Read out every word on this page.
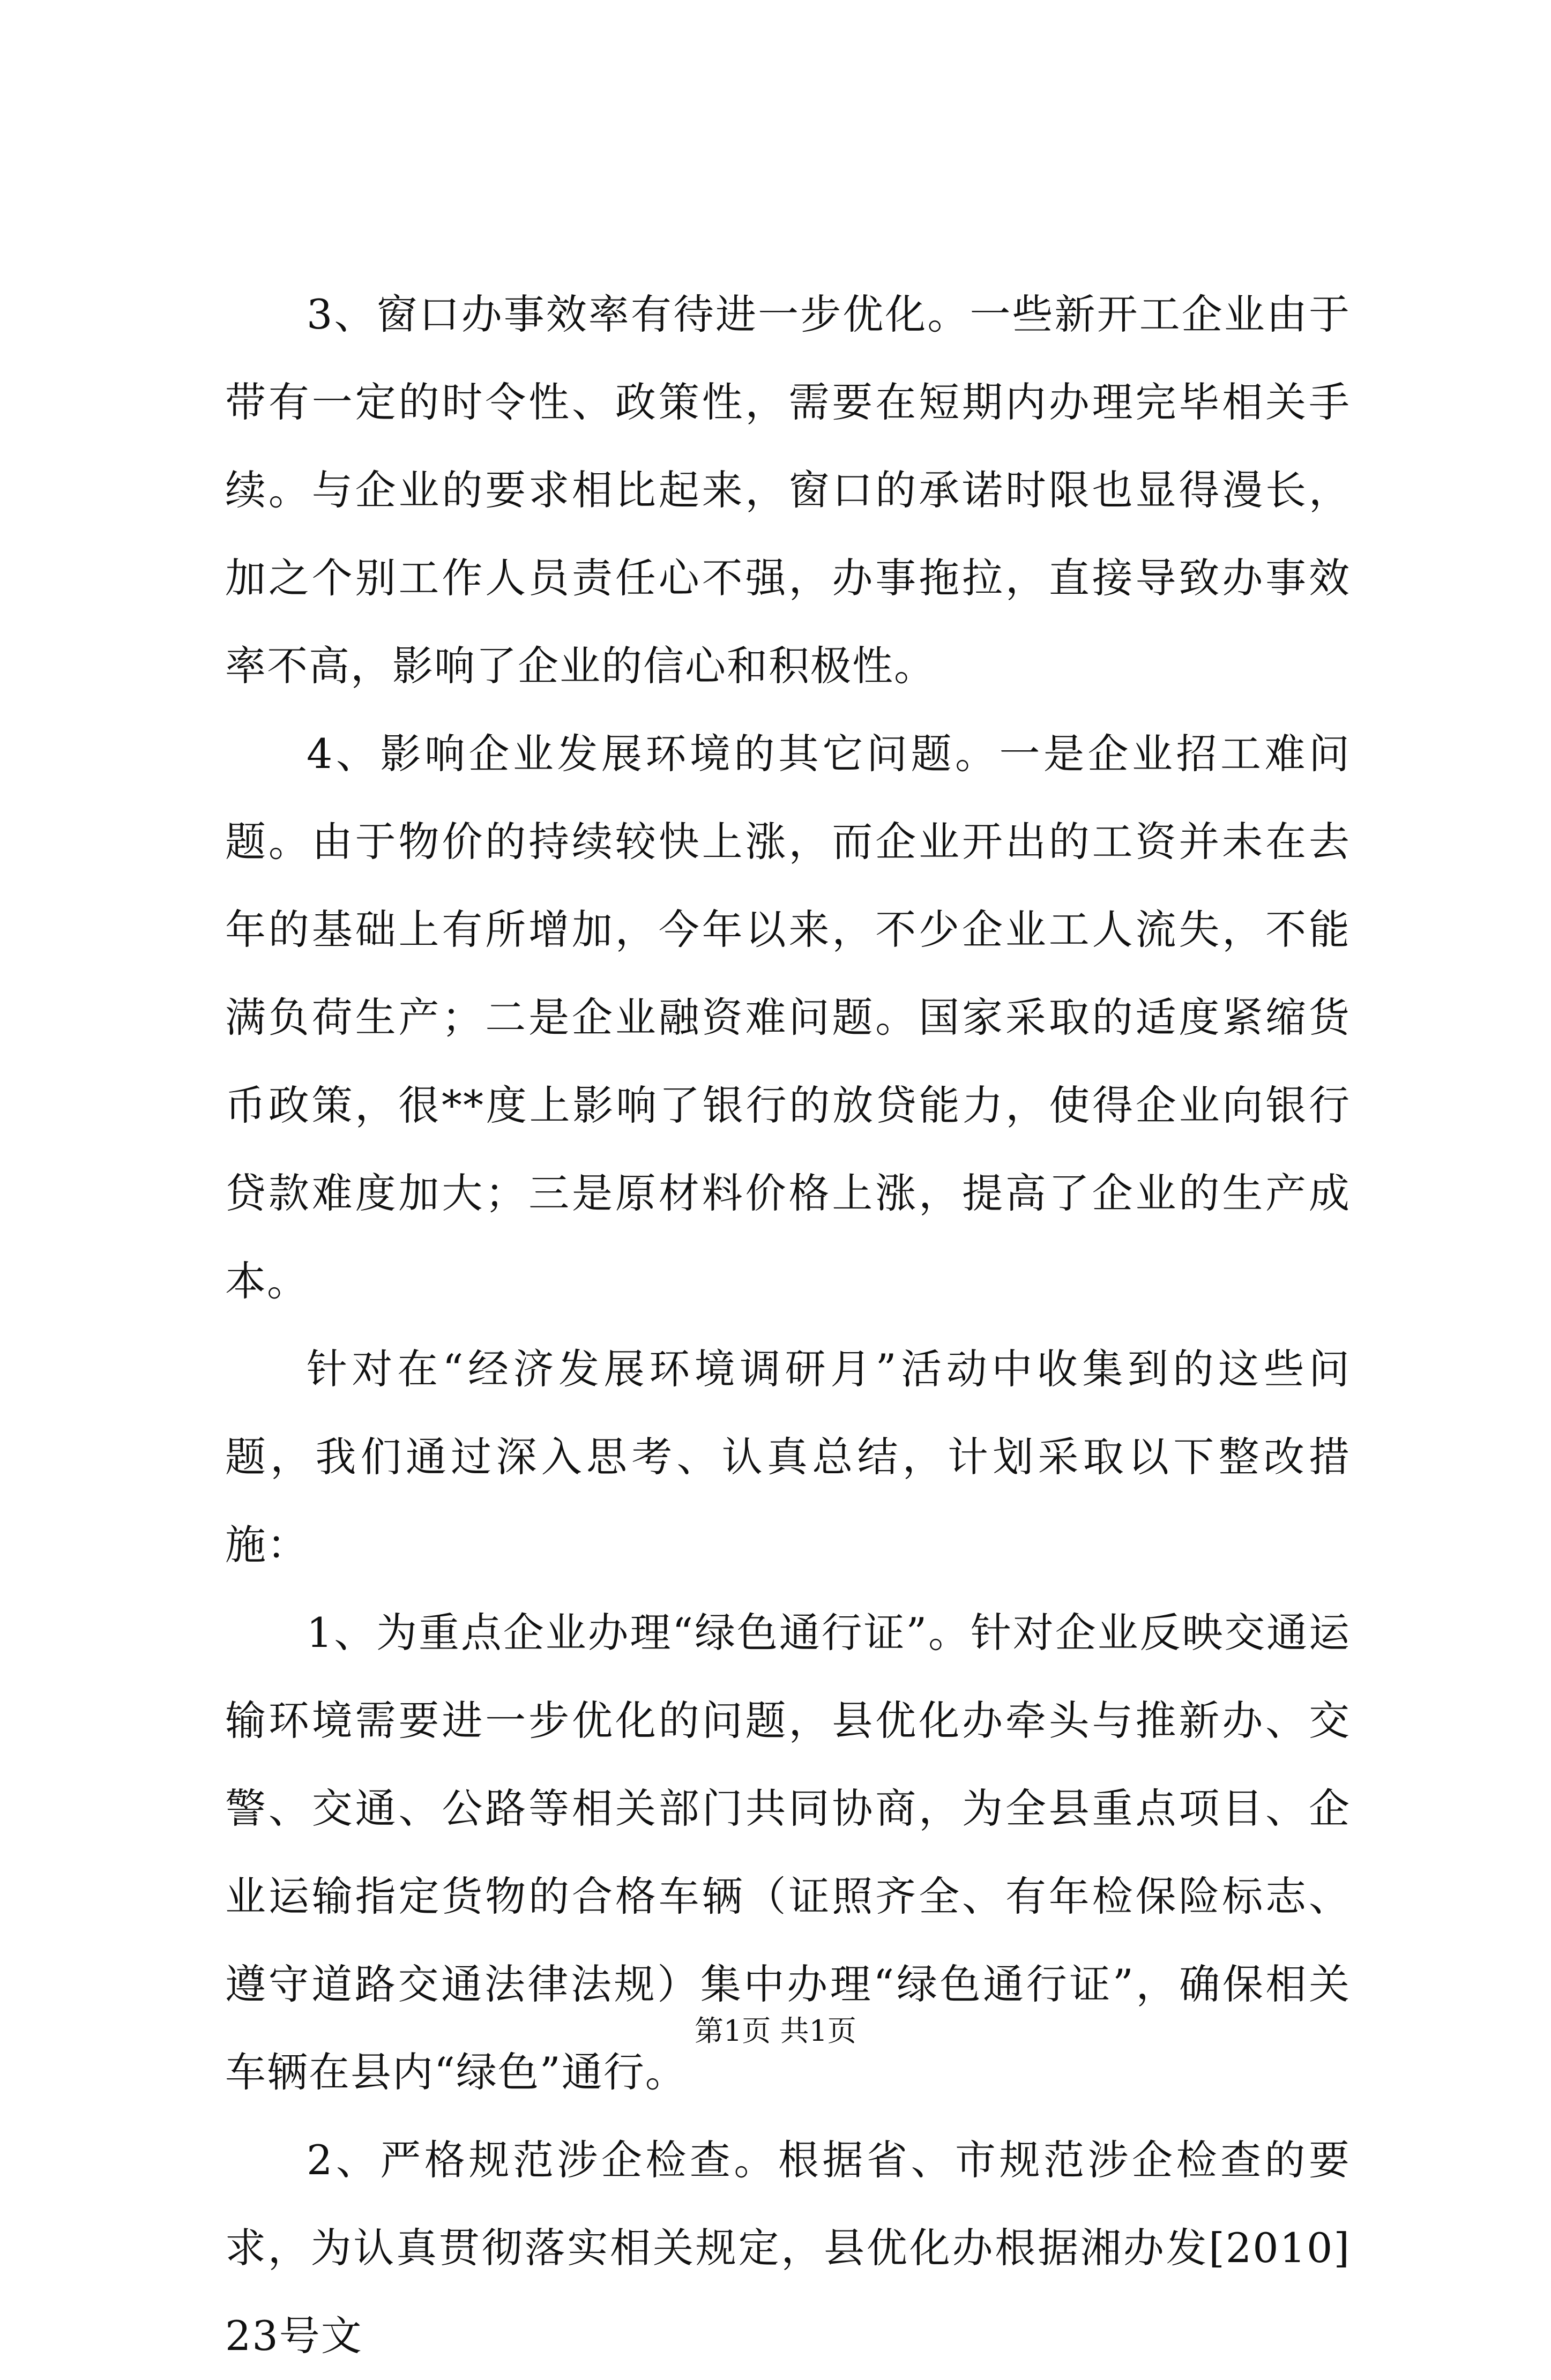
3、窗口办事效率有待进一步优化。一些新开工企业由于带有一定的时令性、政策性，需要在短期内办理完毕相关手续。与企业的要求相比起来，窗口的承诺时限也显得漫长，加之个别工作人员责任心不强，办事拖拉，直接导致办事效率不高，影响了企业的信心和积极性。

4、影响企业发展环境的其它问题。一是企业招工难问题。由于物价的持续较快上涨，而企业开出的工资并未在去年的基础上有所增加，今年以来，不少企业工人流失，不能满负荷生产；二是企业融资难问题。国家采取的适度紧缩货币政策，很**度上影响了银行的放贷能力，使得企业向银行贷款难度加大；三是原材料价格上涨，提高了企业的生产成本。

针对在“经济发展环境调研月”活动中收集到的这些问题，我们通过深入思考、认真总结，计划采取以下整改措施：

1、为重点企业办理“绿色通行证”。针对企业反映交通运输环境需要进一步优化的问题，县优化办牵头与推新办、交警、交通、公路等相关部门共同协商，为全县重点项目、企业运输指定货物的合格车辆（证照齐全、有年检保险标志、遵守道路交通法律法规）集中办理“绿色通行证”，确保相关车辆在县内“绿色”通行。

2、严格规范涉企检查。根据省、市规范涉企检查的要求，为认真贯彻落实相关规定，县优化办根据湘办发[2010]23号文

第1页 共1页
